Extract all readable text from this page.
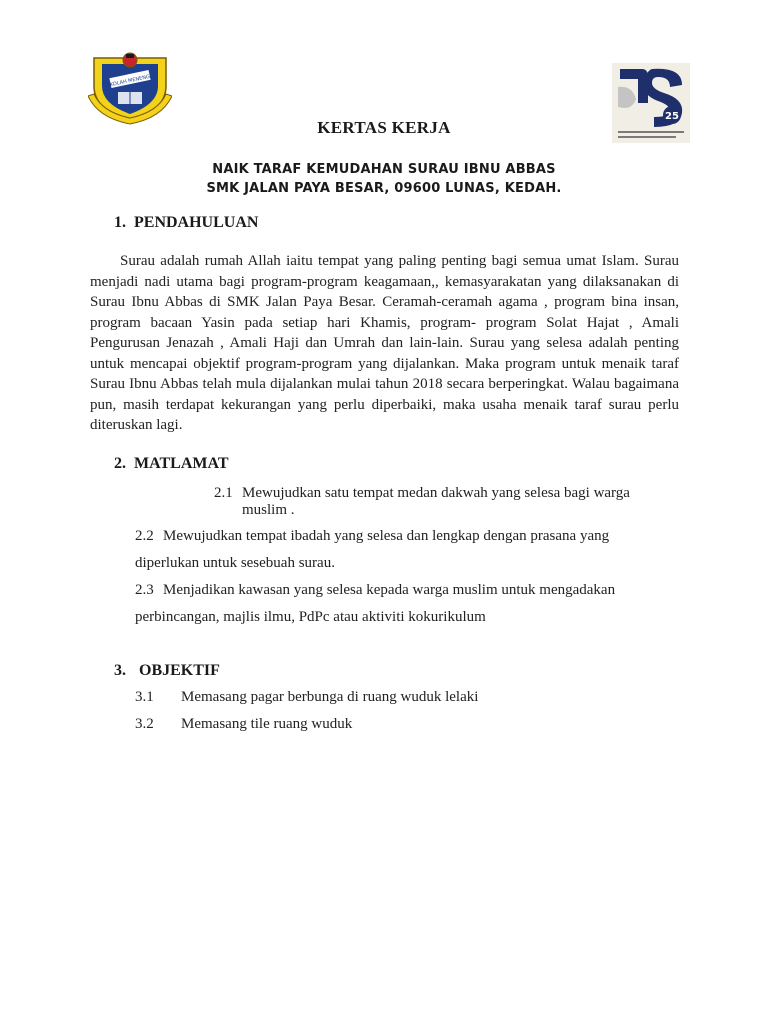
SEKOLAH MENENGAH
25
KERTAS KERJA
NAIK TARAF KEMUDAHAN SURAU IBNU ABBAS
SMK JALAN PAYA BESAR, 09600 LUNAS, KEDAH.
1. PENDAHULUAN

Surau adalah rumah Allah iaitu tempat yang paling penting bagi semua umat Islam. Surau menjadi nadi utama bagi program-program keagamaan,, kemasyarakatan yang dilaksanakan di Surau Ibnu Abbas di SMK Jalan Paya Besar. Ceramah-ceramah agama , program bina insan, program bacaan Yasin pada setiap hari Khamis, program- program Solat Hajat , Amali Pengurusan Jenazah , Amali Haji dan Umrah dan lain-lain. Surau yang selesa adalah penting untuk mencapai objektif program-program yang dijalankan. Maka program untuk menaik taraf Surau Ibnu Abbas telah mula dijalankan mulai tahun 2018 secara berperingkat. Walau bagaimana pun, masih terdapat kekurangan yang perlu diperbaiki, maka usaha menaik taraf surau perlu diteruskan lagi.

2. MATLAMAT
2.1 Mewujudkan satu tempat medan dakwah yang selesa bagi warga
muslim .
2.2 Mewujudkan tempat ibadah yang selesa dan lengkap dengan prasana yang
diperlukan untuk sesebuah surau.
2.3 Menjadikan kawasan yang selesa kepada warga muslim untuk mengadakan
perbincangan, majlis ilmu, PdPc atau aktiviti kokurikulum
3. OBJEKTIF
3.1 Memasang pagar berbunga di ruang wuduk lelaki
3.2 Memasang tile ruang wuduk
